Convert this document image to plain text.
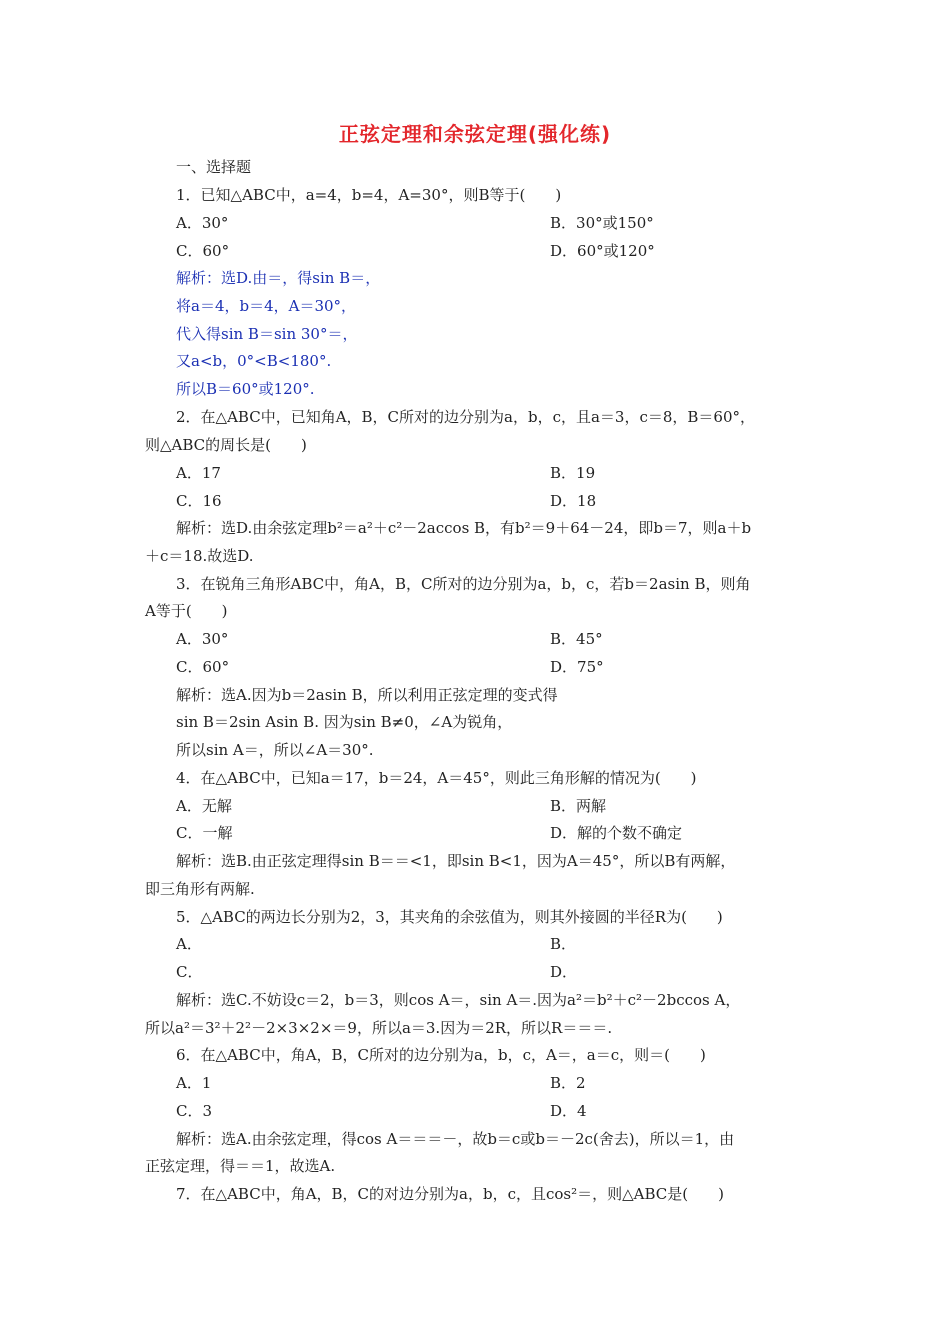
正弦定理和余弦定理(强化练)
一、选择题
1．已知△ABC中，a=4，b=4，A=30°，则B等于(　　)
A．30°	B．30°或150°
C．60°	D．60°或120°
解析：选D.由＝，得sin B＝，
将a＝4，b＝4，A＝30°，
代入得sin B＝sin 30°＝，
又a<b，0°<B<180°.
所以B＝60°或120°.
2．在△ABC中，已知角A，B，C所对的边分别为a，b，c，且a＝3，c＝8，B＝60°，
则△ABC的周长是(　　)
A．17	B．19
C．16	D．18
解析：选D.由余弦定理b²＝a²＋c²－2accos B，有b²＝9＋64－24，即b＝7，则a＋b
＋c＝18.故选D.
3．在锐角三角形ABC中，角A，B，C所对的边分别为a，b，c，若b＝2asin B，则角
A等于(　　)
A．30°	B．45°
C．60°	D．75°
解析：选A.因为b＝2asin B，所以利用正弦定理的变式得
sin B＝2sin Asin B. 因为sin B≠0，∠A为锐角，
所以sin A＝，所以∠A＝30°.
4．在△ABC中，已知a＝17，b＝24，A＝45°，则此三角形解的情况为(　　)
A．无解	B．两解
C．一解	D．解的个数不确定
解析：选B.由正弦定理得sin B＝＝<1，即sin B<1，因为A＝45°，所以B有两解，
即三角形有两解.
5．△ABC的两边长分别为2，3，其夹角的余弦值为，则其外接圆的半径R为(　　)
A．	B．
C．	D．
解析：选C.不妨设c＝2，b＝3，则cos A＝，sin A＝.因为a²＝b²＋c²－2bccos A，
所以a²＝3²＋2²－2×3×2×＝9，所以a＝3.因为＝2R，所以R＝＝＝.
6．在△ABC中，角A，B，C所对的边分别为a，b，c，A＝，a＝c，则＝(　　)
A．1	B．2
C．3	D．4
解析：选A.由余弦定理，得cos A＝＝＝－，故b＝c或b＝－2c(舍去)，所以＝1，由
正弦定理，得＝＝1，故选A.
7．在△ABC中，角A，B，C的对边分别为a，b，c，且cos²＝，则△ABC是(　　)
